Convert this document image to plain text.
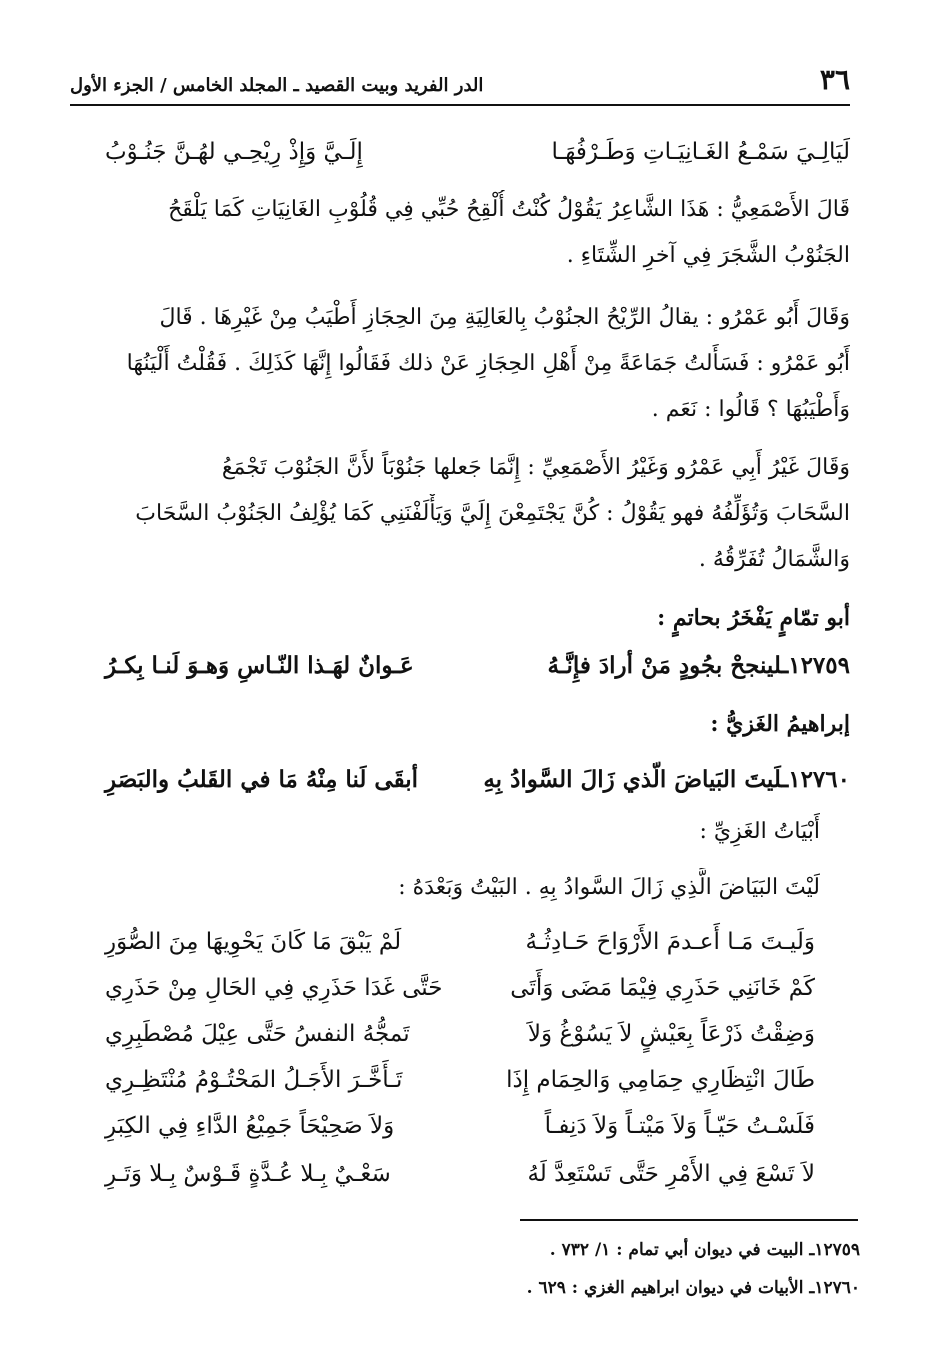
٣٦
الدر الفريد وبيت القصيد ـ المجلد الخامس / الجزء الأول
لَيَالِـيَ سَمْـعُ الغَـانِيَـاتِ وَطَـرْفُهَـا
إِلَـيَّ وَإِذْ رِيْحِـي لهُـنَّ جَنُـوْبُ
قَالَ الأَصْمَعِيُّ : هَذَا الشَّاعِرُ يَقُوْلُ كُنْتُ أُلْقِحُ حُبِّي فِي قُلُوْبِ الغَانِيَاتِ كَمَا يَلْقَحُ
الجَنُوْبُ الشَّجَرَ فِي آخرِ الشِّتَاءِ .
وَقَالَ أَبُو عَمْرُو : يقالُ الرِّيْحُ الجنُوْبُ بِالعَالِيَةِ مِنَ الحِجَازِ أَطْيَبُ مِنْ غَيْرِهَا . قَالَ
أَبُو عَمْرُو : فَسَأَلتُ جَمَاعَةً مِنْ أَهْلِ الحِجَازِ عَنْ ذلك فَقَالُوا إِنَّهَا كَذَلِكَ . فَقُلْتُ أَلْيَنُهَا
وَأَطْيَبُهَا ؟ قَالُوا : نَعَم .
وَقَالَ غَيْرُ أَبِي عَمْرُو وَغَيْرُ الأَصْمَعِيِّ : إِنَّمَا جَعلها جَنُوْبَاً لأَنَّ الجَنُوْبَ تَجْمَعُ
السَّحَابَ وَتُؤَلِّفُهُ فهو يَقُوْلُ : كُنَّ يَجْتَمِعْنَ إِلَيَّ وَيَأْلَفْنَنِي كَمَا يُؤْلِفُ الجَنُوْبُ السَّحَابَ
وَالشَّمَالُ تُفَرِّقُهُ .
أبو تمّامٍ يَفْخَرُ بحاتمٍ :
١٢٧٥٩ـلينجحْ بجُودٍ مَنْ أرادَ فإِنَّـهُ
عَـوانٌ لهَـذا النّـاسِ وَهـوَ لَنـا بِكـرُ
إبراهيمُ الغَزيُّ :
١٢٧٦٠ـلَيتَ البَياضَ الّذي زَالَ السَّوادُ بِهِ
أبقَى لَنا مِنْهُ مَا في القَلبُ والبَصَرِ
أَبْيَاتُ الغَزِيِّ :
لَيْتَ البَيَاضَ الَّذِي زَالَ السَّوادُ بِهِ . البَيْتُ وَبَعْدَهُ :
وَلَيـتَ مَـا أَعـدمَ الأَرْوَاحَ حَـادِثُـهُ
لَمْ يَبْقَ مَا كَانَ يَحْوِيهَا مِنَ الصُّوَرِ
كَمْ خَانَنِي حَذَرِي فِيْمَا مَضَى وَأَتَى
حَتَّى غَدَا حَذَرِي فِي الحَالِ مِنْ حَذَرِي
وَضِقْتُ ذَرْعَاً بِعَيْشٍ لاَ يَسُوْغُ وَلاَ
تَمجُّهُ النفسُ حَتَّى عِيْلَ مُصْطَبِرِي
طَالَ انْتِظَارِي حِمَامِي وَالحِمَام إِذَا
تَـأَخَّـرَ الأَجَـلُ المَحْتُـوْمُ مُنْتَظِـرِي
فَلَسْـتُ حَيّـاً وَلاَ مَيْتـاً وَلاَ دَنِفـاً
وَلاَ صَحِيْحَاً جَمِيْعُ الدَّاءِ فِي الكِبَرِ
لاَ تَسْعَ فِي الأَمْرِ حَتَّى تَسْتَعِدَّ لَهُ
سَعْـيٌ بِـلا عُـدَّةٍ قَـوْسٌ بِـلا وَتَـرِ
١٢٧٥٩ـ البيت في ديوان أبي تمام : ١/ ٧٣٢ .
١٢٧٦٠ـ الأبيات في ديوان ابراهيم الغزي : ٦٢٩ .
